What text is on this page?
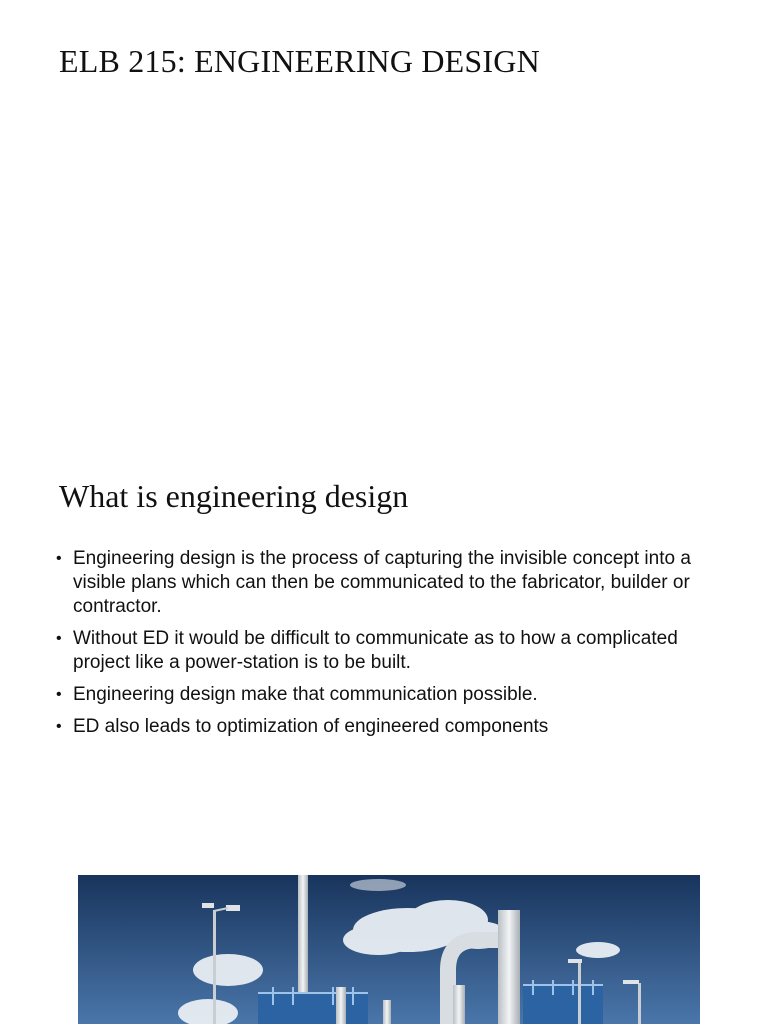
ELB 215: ENGINEERING DESIGN
What is engineering design
• Engineering design is the process of capturing the invisible concept into a visible plans which can then be communicated to the fabricator, builder or contractor.
• Without ED it would be difficult to communicate as to how a complicated project like a power-station is to be built.
• Engineering design make that communication possible.
• ED also leads to optimization of engineered components
